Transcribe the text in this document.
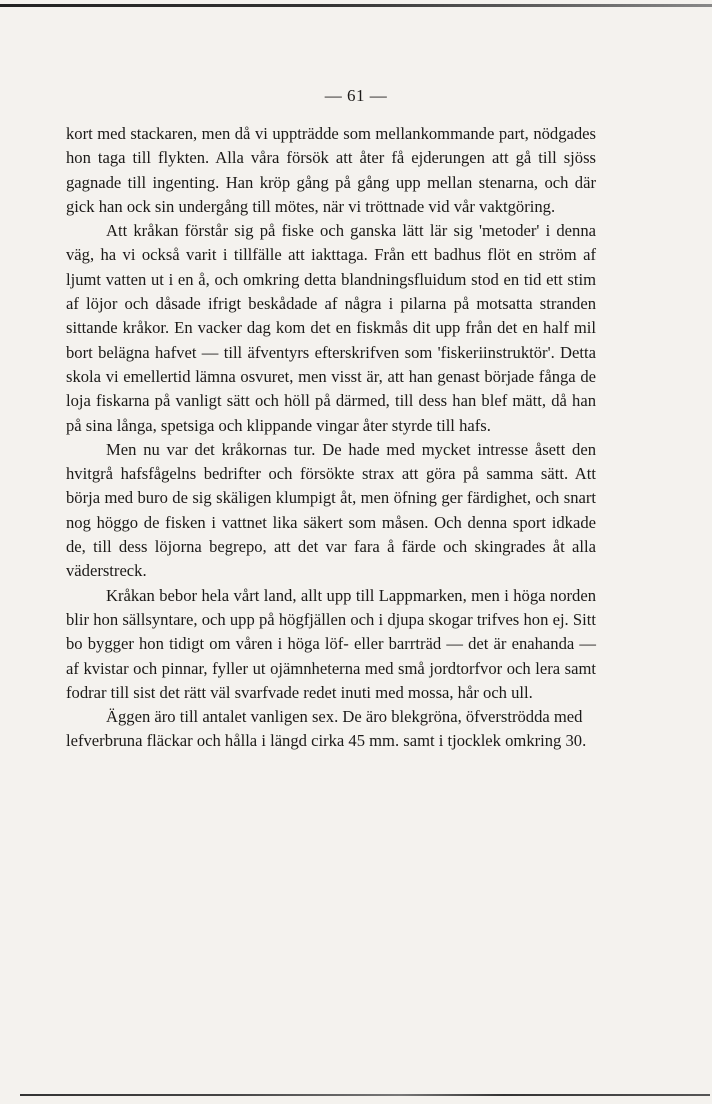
— 61 —

kort med stackaren, men då vi uppträdde som mellankommande part, nödgades hon taga till flykten. Alla våra försök att åter få ejderungen att gå till sjöss gagnade till ingenting. Han kröp gång på gång upp mellan stenarna, och där gick han ock sin undergång till mötes, när vi tröttnade vid vår vaktgöring.

Att kråkan förstår sig på fiske och ganska lätt lär sig 'metoder' i denna väg, ha vi också varit i tillfälle att iakttaga. Från ett badhus flöt en ström af ljumt vatten ut i en å, och omkring detta blandningsfluidum stod en tid ett stim af löjor och dåsade ifrigt beskådade af några i pilarna på motsatta stranden sittande kråkor. En vacker dag kom det en fiskmås dit upp från det en half mil bort belägna hafvet — till äfventyrs efterskrifven som 'fiskeriinstruktör'. Detta skola vi emellertid lämna osvuret, men visst är, att han genast började fånga de loja fiskarna på vanligt sätt och höll på därmed, till dess han blef mätt, då han på sina långa, spetsiga och klippande vingar åter styrde till hafs.

Men nu var det kråkornas tur. De hade med mycket intresse åsett den hvitgrå hafsfågelns bedrifter och försökte strax att göra på samma sätt. Att börja med buro de sig skäligen klumpigt åt, men öfning ger färdighet, och snart nog höggo de fisken i vattnet lika säkert som måsen. Och denna sport idkade de, till dess löjorna begrepo, att det var fara å färde och skingrades åt alla väderstreck.

Kråkan bebor hela vårt land, allt upp till Lappmarken, men i höga norden blir hon sällsyntare, och upp på högfjällen och i djupa skogar trifves hon ej. Sitt bo bygger hon tidigt om våren i höga löf- eller barrträd — det är enahanda — af kvistar och pinnar, fyller ut ojämnheterna med små jordtorfvor och lera samt fodrar till sist det rätt väl svarfvade redet inuti med mossa, hår och ull.

Äggen äro till antalet vanligen sex. De äro blekgröna, öfverströdda med lefverbruna fläckar och hålla i längd cirka 45 mm. samt i tjocklek omkring 30.
